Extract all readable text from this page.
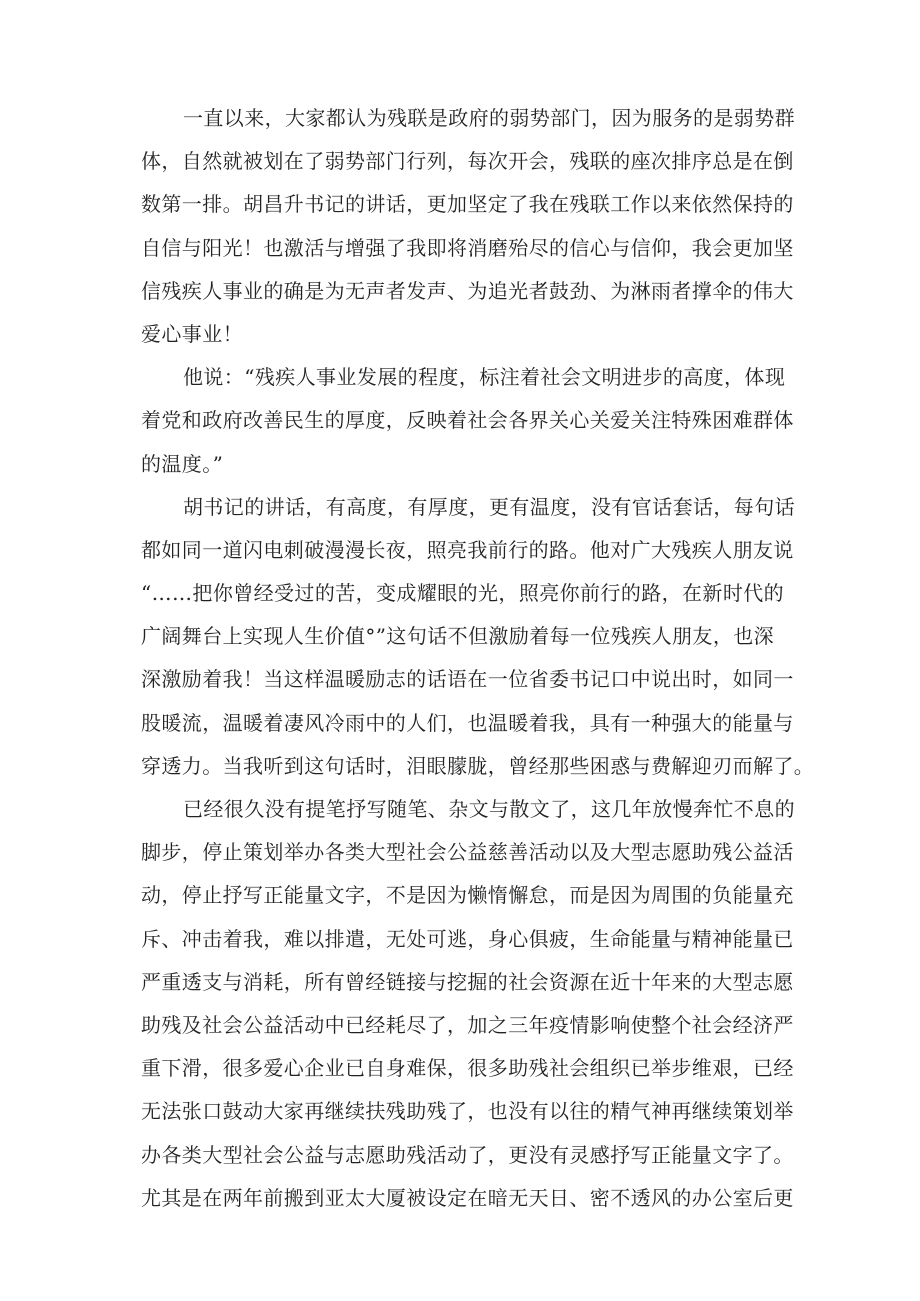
一直以来，大家都认为残联是政府的弱势部门，因为服务的是弱势群
体，自然就被划在了弱势部门行列，每次开会，残联的座次排序总是在倒
数第一排。胡昌升书记的讲话，更加坚定了我在残联工作以来依然保持的
自信与阳光！也激活与增强了我即将消磨殆尽的信心与信仰，我会更加坚
信残疾人事业的确是为无声者发声、为追光者鼓劲、为淋雨者撑伞的伟大
爱心事业！
他说：“残疾人事业发展的程度，标注着社会文明进步的高度，体现
着党和政府改善民生的厚度，反映着社会各界关心关爱关注特殊困难群体
的温度。”
胡书记的讲话，有高度，有厚度，更有温度，没有官话套话，每句话
都如同一道闪电刺破漫漫长夜，照亮我前行的路。他对广大残疾人朋友说
“……把你曾经受过的苦，变成耀眼的光，照亮你前行的路，在新时代的
广阔舞台上实现人生价值°”这句话不但激励着每一位残疾人朋友，也深
深激励着我！当这样温暖励志的话语在一位省委书记口中说出时，如同一
股暖流，温暖着凄风冷雨中的人们，也温暖着我，具有一种强大的能量与
穿透力。当我听到这句话时，泪眼朦胧，曾经那些困惑与费解迎刃而解了。
已经很久没有提笔抒写随笔、杂文与散文了，这几年放慢奔忙不息的
脚步，停止策划举办各类大型社会公益慈善活动以及大型志愿助残公益活
动，停止抒写正能量文字，不是因为懒惰懈怠，而是因为周围的负能量充
斥、冲击着我，难以排遣，无处可逃，身心俱疲，生命能量与精神能量已
严重透支与消耗，所有曾经链接与挖掘的社会资源在近十年来的大型志愿
助残及社会公益活动中已经耗尽了，加之三年疫情影响使整个社会经济严
重下滑，很多爱心企业已自身难保，很多助残社会组织已举步维艰，已经
无法张口鼓动大家再继续扶残助残了，也没有以往的精气神再继续策划举
办各类大型社会公益与志愿助残活动了，更没有灵感抒写正能量文字了。
尤其是在两年前搬到亚太大厦被设定在暗无天日、密不透风的办公室后更
